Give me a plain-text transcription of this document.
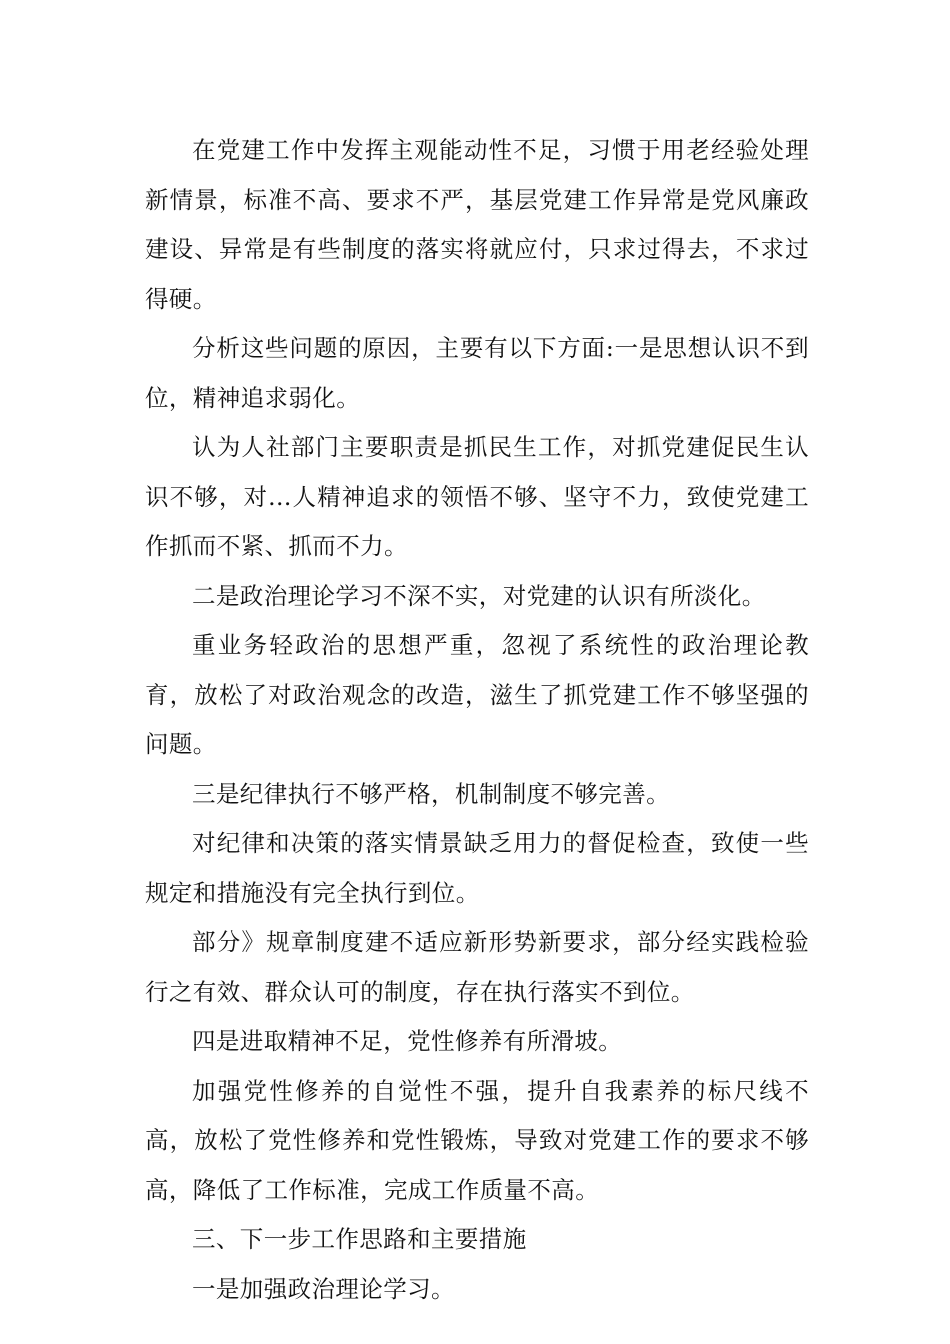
在党建工作中发挥主观能动性不足，习惯于用老经验处理新情景，标准不高、要求不严，基层党建工作异常是党风廉政建设、异常是有些制度的落实将就应付，只求过得去，不求过得硬。

分析这些问题的原因，主要有以下方面:一是思想认识不到位，精神追求弱化。

认为人社部门主要职责是抓民生工作，对抓党建促民生认识不够，对...人精神追求的领悟不够、坚守不力，致使党建工作抓而不紧、抓而不力。

二是政治理论学习不深不实，对党建的认识有所淡化。

重业务轻政治的思想严重，忽视了系统性的政治理论教育，放松了对政治观念的改造，滋生了抓党建工作不够坚强的问题。

三是纪律执行不够严格，机制制度不够完善。

对纪律和决策的落实情景缺乏用力的督促检查，致使一些规定和措施没有完全执行到位。

部分》规章制度建不适应新形势新要求，部分经实践检验行之有效、群众认可的制度，存在执行落实不到位。

四是进取精神不足，党性修养有所滑坡。

加强党性修养的自觉性不强，提升自我素养的标尺线不高，放松了党性修养和党性锻炼，导致对党建工作的要求不够高，降低了工作标准，完成工作质量不高。

三、下一步工作思路和主要措施

一是加强政治理论学习。
